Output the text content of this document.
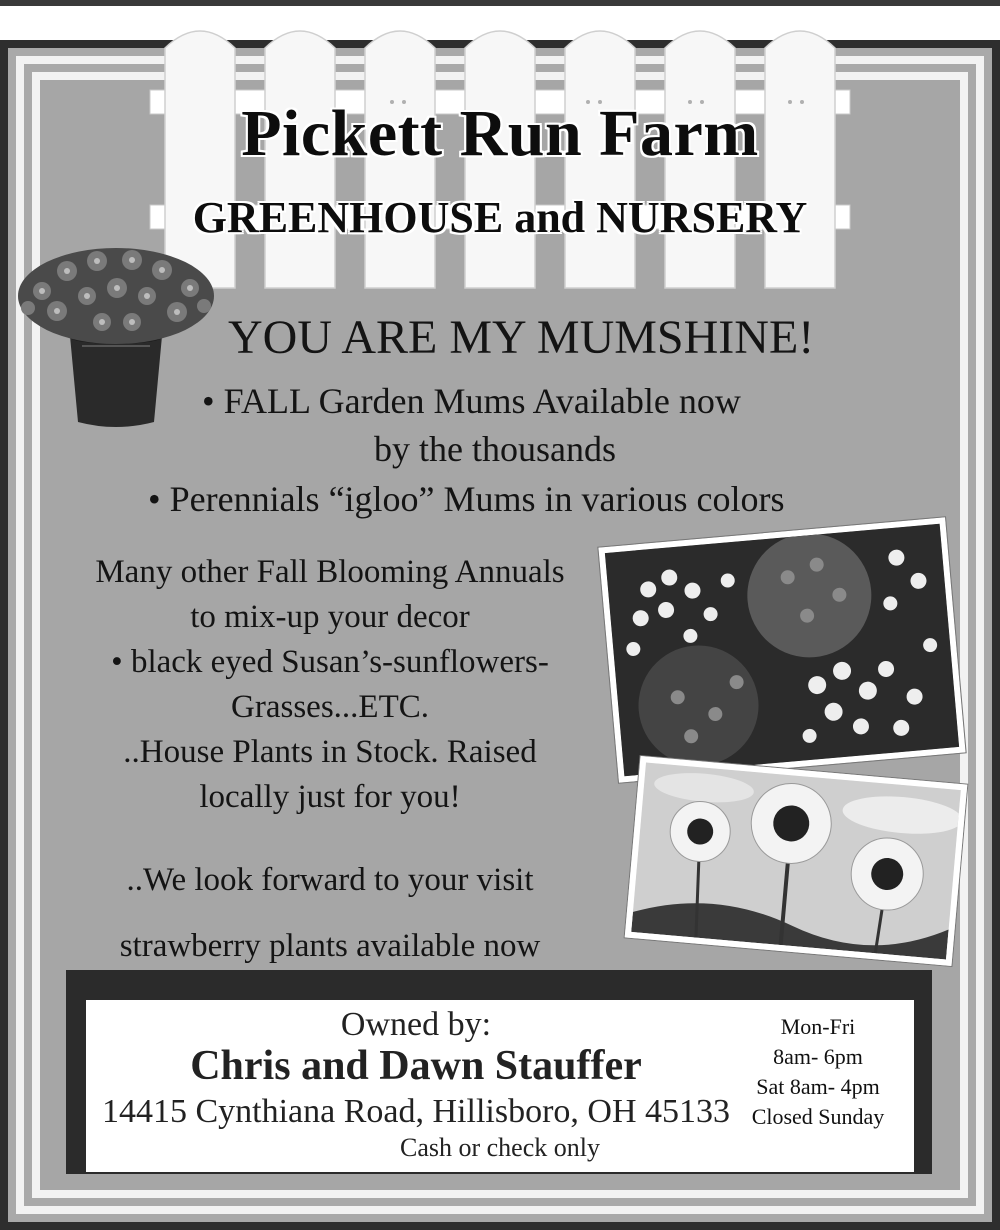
Pickett Run Farm
GREENHOUSE and NURSERY
YOU ARE MY MUMSHINE!
• FALL Garden Mums Available now
by the thousands
• Perennials “igloo” Mums in various colors
Many other Fall Blooming Annuals
to mix-up your decor
• black eyed Susan’s-sunflowers-
Grasses...ETC.
..House Plants in Stock. Raised
locally just for you!
..We look forward to your visit
strawberry plants available now
Owned by:
Chris and Dawn Stauffer
14415 Cynthiana Road, Hillisboro, OH 45133
Cash or check only
Mon-Fri
8am- 6pm
Sat 8am- 4pm
Closed Sunday
